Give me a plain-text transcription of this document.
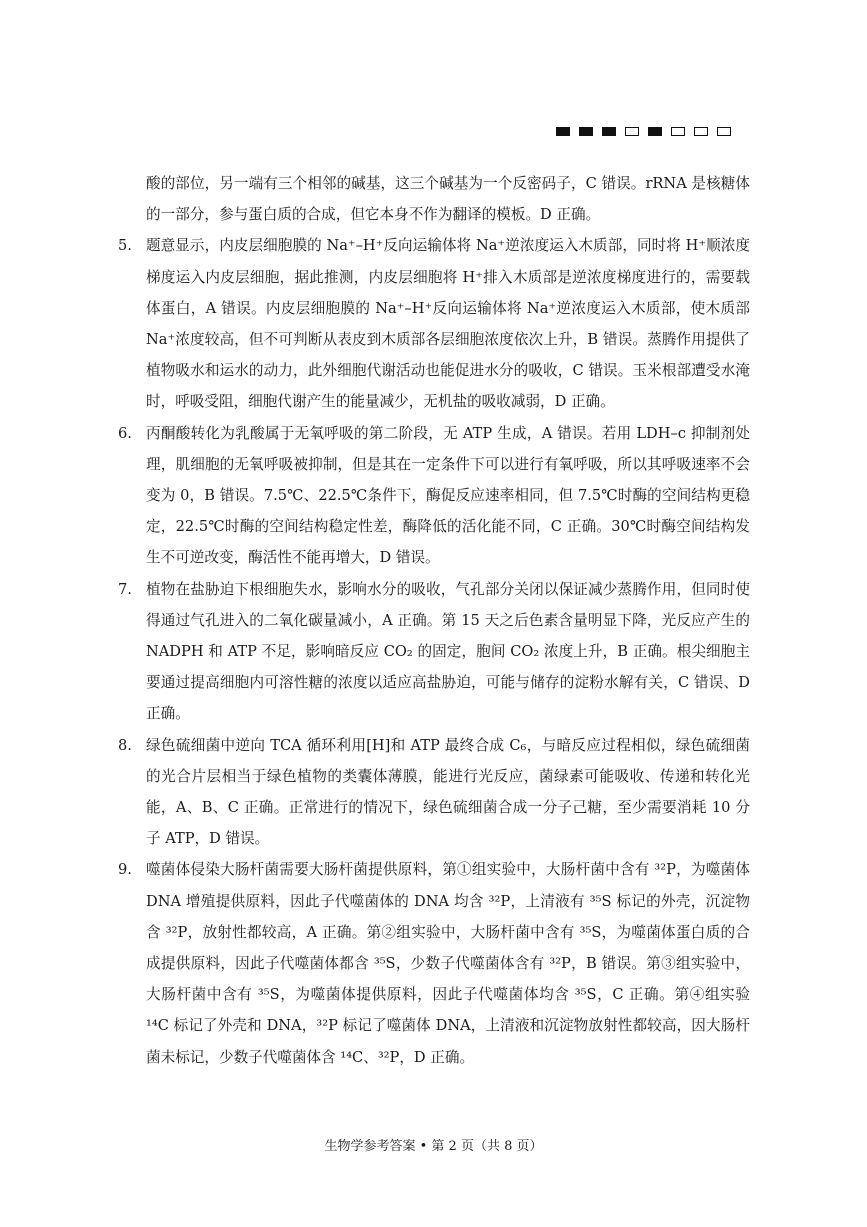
酸的部位，另一端有三个相邻的碱基，这三个碱基为一个反密码子，C 错误。rRNA 是核糖体的一部分，参与蛋白质的合成，但它本身不作为翻译的模板。D 正确。

5. 题意显示，内皮层细胞膜的 Na⁺–H⁺反向运输体将 Na⁺逆浓度运入木质部，同时将 H⁺顺浓度梯度运入内皮层细胞，据此推测，内皮层细胞将 H⁺排入木质部是逆浓度梯度进行的，需要载体蛋白，A 错误。内皮层细胞膜的 Na⁺–H⁺反向运输体将 Na⁺逆浓度运入木质部，使木质部 Na⁺浓度较高，但不可判断从表皮到木质部各层细胞浓度依次上升，B 错误。蒸腾作用提供了植物吸水和运水的动力，此外细胞代谢活动也能促进水分的吸收，C 错误。玉米根部遭受水淹时，呼吸受阻，细胞代谢产生的能量减少，无机盐的吸收减弱，D 正确。

6. 丙酮酸转化为乳酸属于无氧呼吸的第二阶段，无 ATP 生成，A 错误。若用 LDH–c 抑制剂处理，肌细胞的无氧呼吸被抑制，但是其在一定条件下可以进行有氧呼吸，所以其呼吸速率不会变为 0，B 错误。7.5℃、22.5℃条件下，酶促反应速率相同，但 7.5℃时酶的空间结构更稳定，22.5℃时酶的空间结构稳定性差，酶降低的活化能不同，C 正确。30℃时酶空间结构发生不可逆改变，酶活性不能再增大，D 错误。

7. 植物在盐胁迫下根细胞失水，影响水分的吸收，气孔部分关闭以保证减少蒸腾作用，但同时使得通过气孔进入的二氧化碳量减小，A 正确。第 15 天之后色素含量明显下降，光反应产生的 NADPH 和 ATP 不足，影响暗反应 CO₂ 的固定，胞间 CO₂ 浓度上升，B 正确。根尖细胞主要通过提高细胞内可溶性糖的浓度以适应高盐胁迫，可能与储存的淀粉水解有关，C 错误、D 正确。

8. 绿色硫细菌中逆向 TCA 循环利用[H]和 ATP 最终合成 C₆，与暗反应过程相似，绿色硫细菌的光合片层相当于绿色植物的类囊体薄膜，能进行光反应，菌绿素可能吸收、传递和转化光能，A、B、C 正确。正常进行的情况下，绿色硫细菌合成一分子己糖，至少需要消耗 10 分子 ATP，D 错误。

9. 噬菌体侵染大肠杆菌需要大肠杆菌提供原料，第①组实验中，大肠杆菌中含有 ³²P，为噬菌体 DNA 增殖提供原料，因此子代噬菌体的 DNA 均含 ³²P，上清液有 ³⁵S 标记的外壳，沉淀物含 ³²P，放射性都较高，A 正确。第②组实验中，大肠杆菌中含有 ³⁵S，为噬菌体蛋白质的合成提供原料，因此子代噬菌体都含 ³⁵S，少数子代噬菌体含有 ³²P，B 错误。第③组实验中，大肠杆菌中含有 ³⁵S，为噬菌体提供原料，因此子代噬菌体均含 ³⁵S，C 正确。第④组实验 ¹⁴C 标记了外壳和 DNA，³²P 标记了噬菌体 DNA，上清液和沉淀物放射性都较高，因大肠杆菌未标记，少数子代噬菌体含 ¹⁴C、³²P，D 正确。

生物学参考答案 • 第 2 页（共 8 页）
